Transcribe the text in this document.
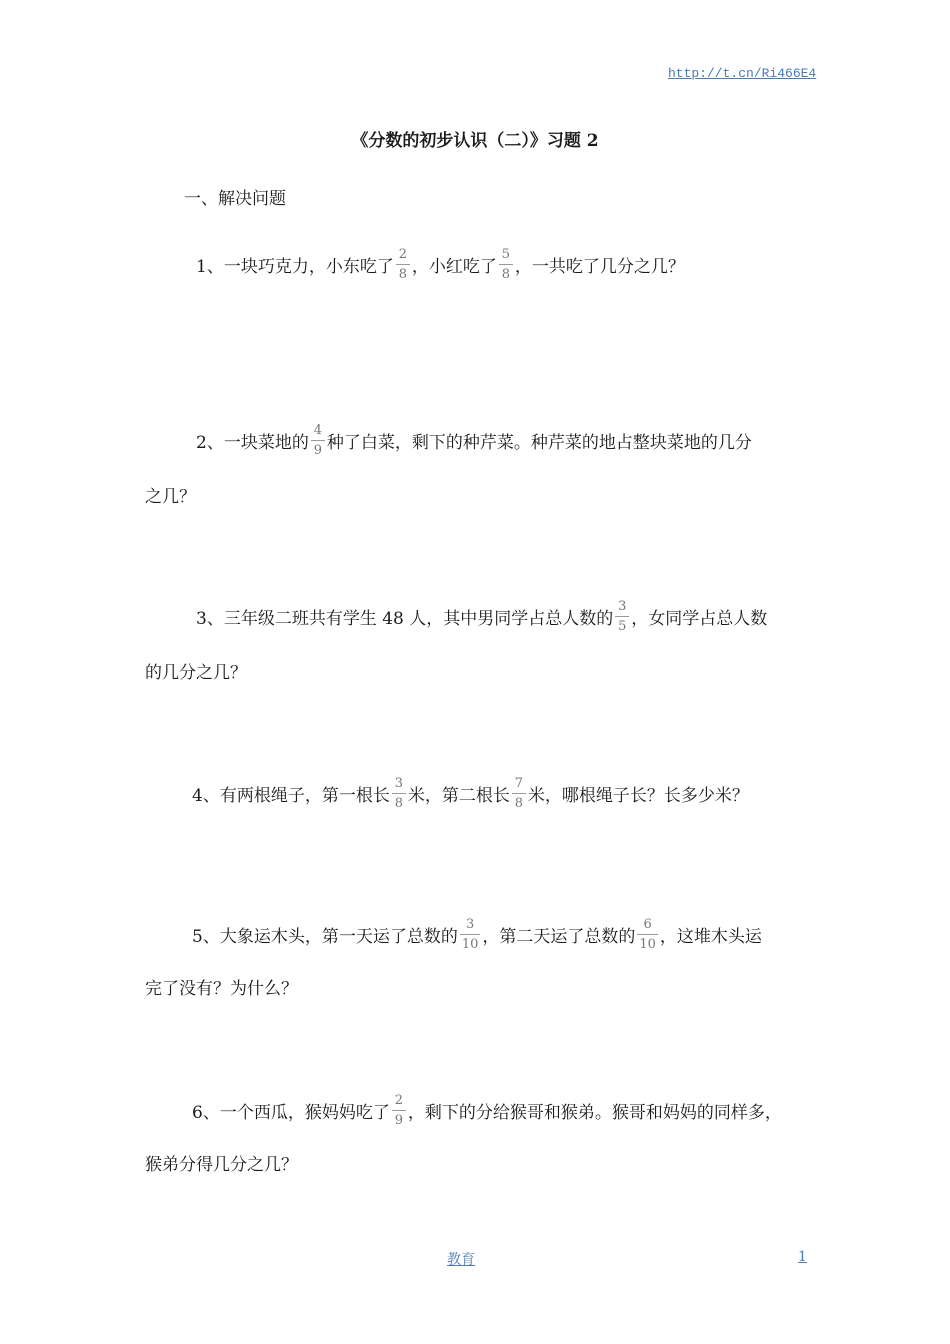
http://t.cn/Ri466E4
《分数的初步认识（二）》习题 2
一、解决问题
1、一块巧克力，小东吃了 $\frac{2}{8}$ ，小红吃了 $\frac{5}{8}$ ，一共吃了几分之几？
2、一块菜地的 $\frac{4}{9}$ 种了白菜，剩下的种芹菜。种芹菜的地占整块菜地的几分
之几？
3、三年级二班共有学生 48 人，其中男同学占总人数的 $\frac{3}{5}$ ，女同学占总人数
的几分之几？
4、有两根绳子，第一根长 $\frac{3}{8}$ 米，第二根长 $\frac{7}{8}$ 米，哪根绳子长？长多少米？
5、大象运木头，第一天运了总数的 $\frac{3}{10}$ ，第二天运了总数的 $\frac{6}{10}$ ，这堆木头运
完了没有？为什么？
6、一个西瓜，猴妈妈吃了 $\frac{2}{9}$ ，剩下的分给猴哥和猴弟。猴哥和妈妈的同样多，
猴弟分得几分之几？
教育	1
